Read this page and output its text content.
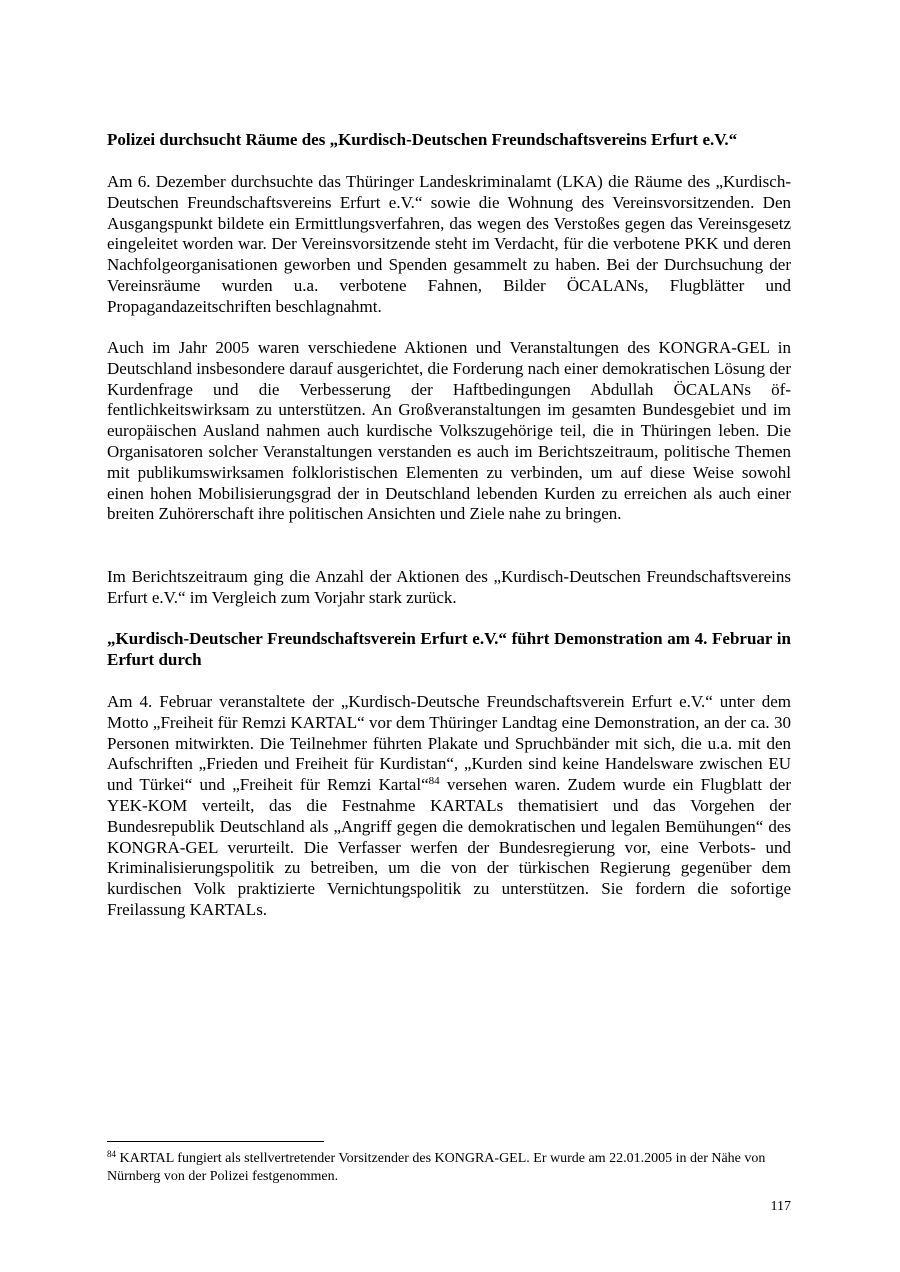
Polizei durchsucht Räume des „Kurdisch-Deutschen Freundschaftsvereins Erfurt e.V.“

Am 6. Dezember durchsuchte das Thüringer Landeskriminalamt (LKA) die Räume des „Kurdisch-Deutschen Freundschaftsvereins Erfurt e.V.“ sowie die Wohnung des Vereinsvorsitzenden. Den Ausgangspunkt bildete ein Ermittlungsverfahren, das wegen des Verstoßes gegen das Vereinsgesetz eingeleitet worden war. Der Vereinsvorsitzende steht im Verdacht, für die verbotene PKK und deren Nachfolgeorganisationen geworben und Spenden gesammelt zu haben. Bei der Durchsuchung der Vereinsräume wurden u.a. verbotene Fahnen, Bilder ÖCALANs, Flugblätter und Propagandazeitschriften beschlagnahmt.

Auch im Jahr 2005 waren verschiedene Aktionen und Veranstaltungen des KONGRA-GEL in Deutschland insbesondere darauf ausgerichtet, die Forderung nach einer demokratischen Lösung der Kurdenfrage und die Verbesserung der Haftbedingungen Abdullah ÖCALANs öffentlichkeitswirksam zu unterstützen. An Großveranstaltungen im gesamten Bundesgebiet und im europäischen Ausland nahmen auch kurdische Volkszugehörige teil, die in Thüringen leben. Die Organisatoren solcher Veranstaltungen verstanden es auch im Berichtszeitraum, politische Themen mit publikumswirksamen folkloristischen Elementen zu verbinden, um auf diese Weise sowohl einen hohen Mobilisierungsgrad der in Deutschland lebenden Kurden zu erreichen als auch einer breiten Zuhörerschaft ihre politischen Ansichten und Ziele nahe zu bringen.

Im Berichtszeitraum ging die Anzahl der Aktionen des „Kurdisch-Deutschen Freundschaftsvereins Erfurt e.V.“ im Vergleich zum Vorjahr stark zurück.

„Kurdisch-Deutscher Freundschaftsverein Erfurt e.V.“ führt Demonstration am 4. Februar in Erfurt durch

Am 4. Februar veranstaltete der „Kurdisch-Deutsche Freundschaftsverein Erfurt e.V.“ unter dem Motto „Freiheit für Remzi KARTAL“ vor dem Thüringer Landtag eine Demonstration, an der ca. 30 Personen mitwirkten. Die Teilnehmer führten Plakate und Spruchbänder mit sich, die u.a. mit den Aufschriften „Frieden und Freiheit für Kurdistan“, „Kurden sind keine Handelsware zwischen EU und Türkei“ und „Freiheit für Remzi Kartal“$^{84}$ versehen waren. Zudem wurde ein Flugblatt der YEK-KOM verteilt, das die Festnahme KARTALs thematisiert und das Vorgehen der Bundesrepublik Deutschland als „Angriff gegen die demokratischen und legalen Bemühungen“ des KONGRA-GEL verurteilt. Die Verfasser werfen der Bundesregierung vor, eine Verbots- und Kriminalisierungspolitik zu betreiben, um die von der türkischen Regierung gegenüber dem kurdischen Volk praktizierte Vernichtungspolitik zu unterstützen. Sie fordern die sofortige Freilassung KARTALs.

$^{84}$ KARTAL fungiert als stellvertretender Vorsitzender des KONGRA-GEL. Er wurde am 22.01.2005 in der Nähe von Nürnberg von der Polizei festgenommen.

117
